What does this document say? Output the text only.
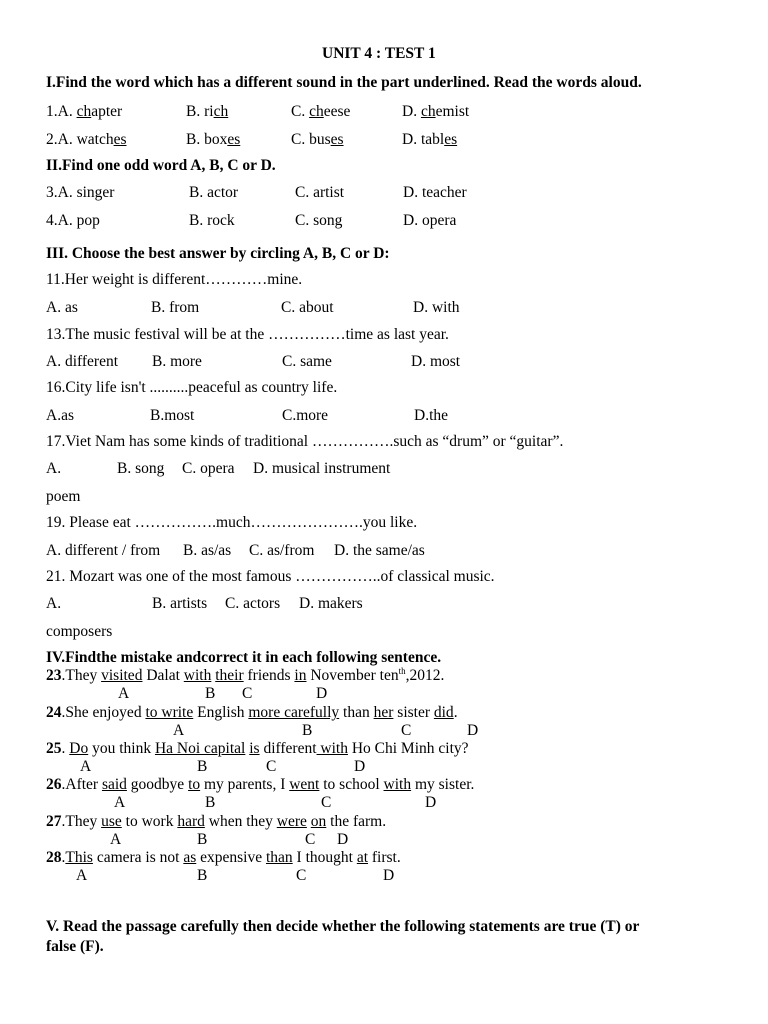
UNIT 4 : TEST 1
I.Find the word which has a different sound in the part underlined. Read the words aloud.
1.A. chapter	B. rich	C. cheese	D. chemist
2.A. watches	B. boxes	C. buses	D. tables
II.Find one odd word A, B, C or D.
3.A. singer	B. actor	C. artist	D. teacher
4.A. pop	B. rock	C. song	D. opera
III. Choose the best answer by circling A, B, C or D:
11.Her weight is different…………mine.
A. as	B. from	C. about	D. with
13.The music festival will be at the ……………time as last year.
A. different B. more	C. same	D. most
16.City life isn't ..........peaceful as country life.
A.as	B.most	C.more	D.the
17.Viet Nam has some kinds of traditional …………….such as “drum” or “guitar”.
A.	B. song C. opera D. musical instrument
poem
19. Please eat …………….much………………….you like.
A. different / from B. as/as C. as/from D. the same/as
21. Mozart was one of the most famous ……………..of classical music.
A.	B. artists C. actors D. makers
composers
IV.Findthe mistake andcorrect it in each following sentence.
23.They visited Dalat with their friends in November ten$^{th}$,2012.
A	B C	D
24.She enjoyed to write English more carefully than her sister did.
A	B	C	D
25. Do you think Ha Noi capital is different with Ho Chi Minh city?
A	B	C	D
26.After said goodbye to my parents, I went to school with my sister.
A	B	C	D
27.They use to work hard when they were on the farm.
A	B	C D
28.This camera is not as expensive than I thought at first.
A	B	C	D
V. Read the passage carefully then decide whether the following statements are true (T) or
false (F).
